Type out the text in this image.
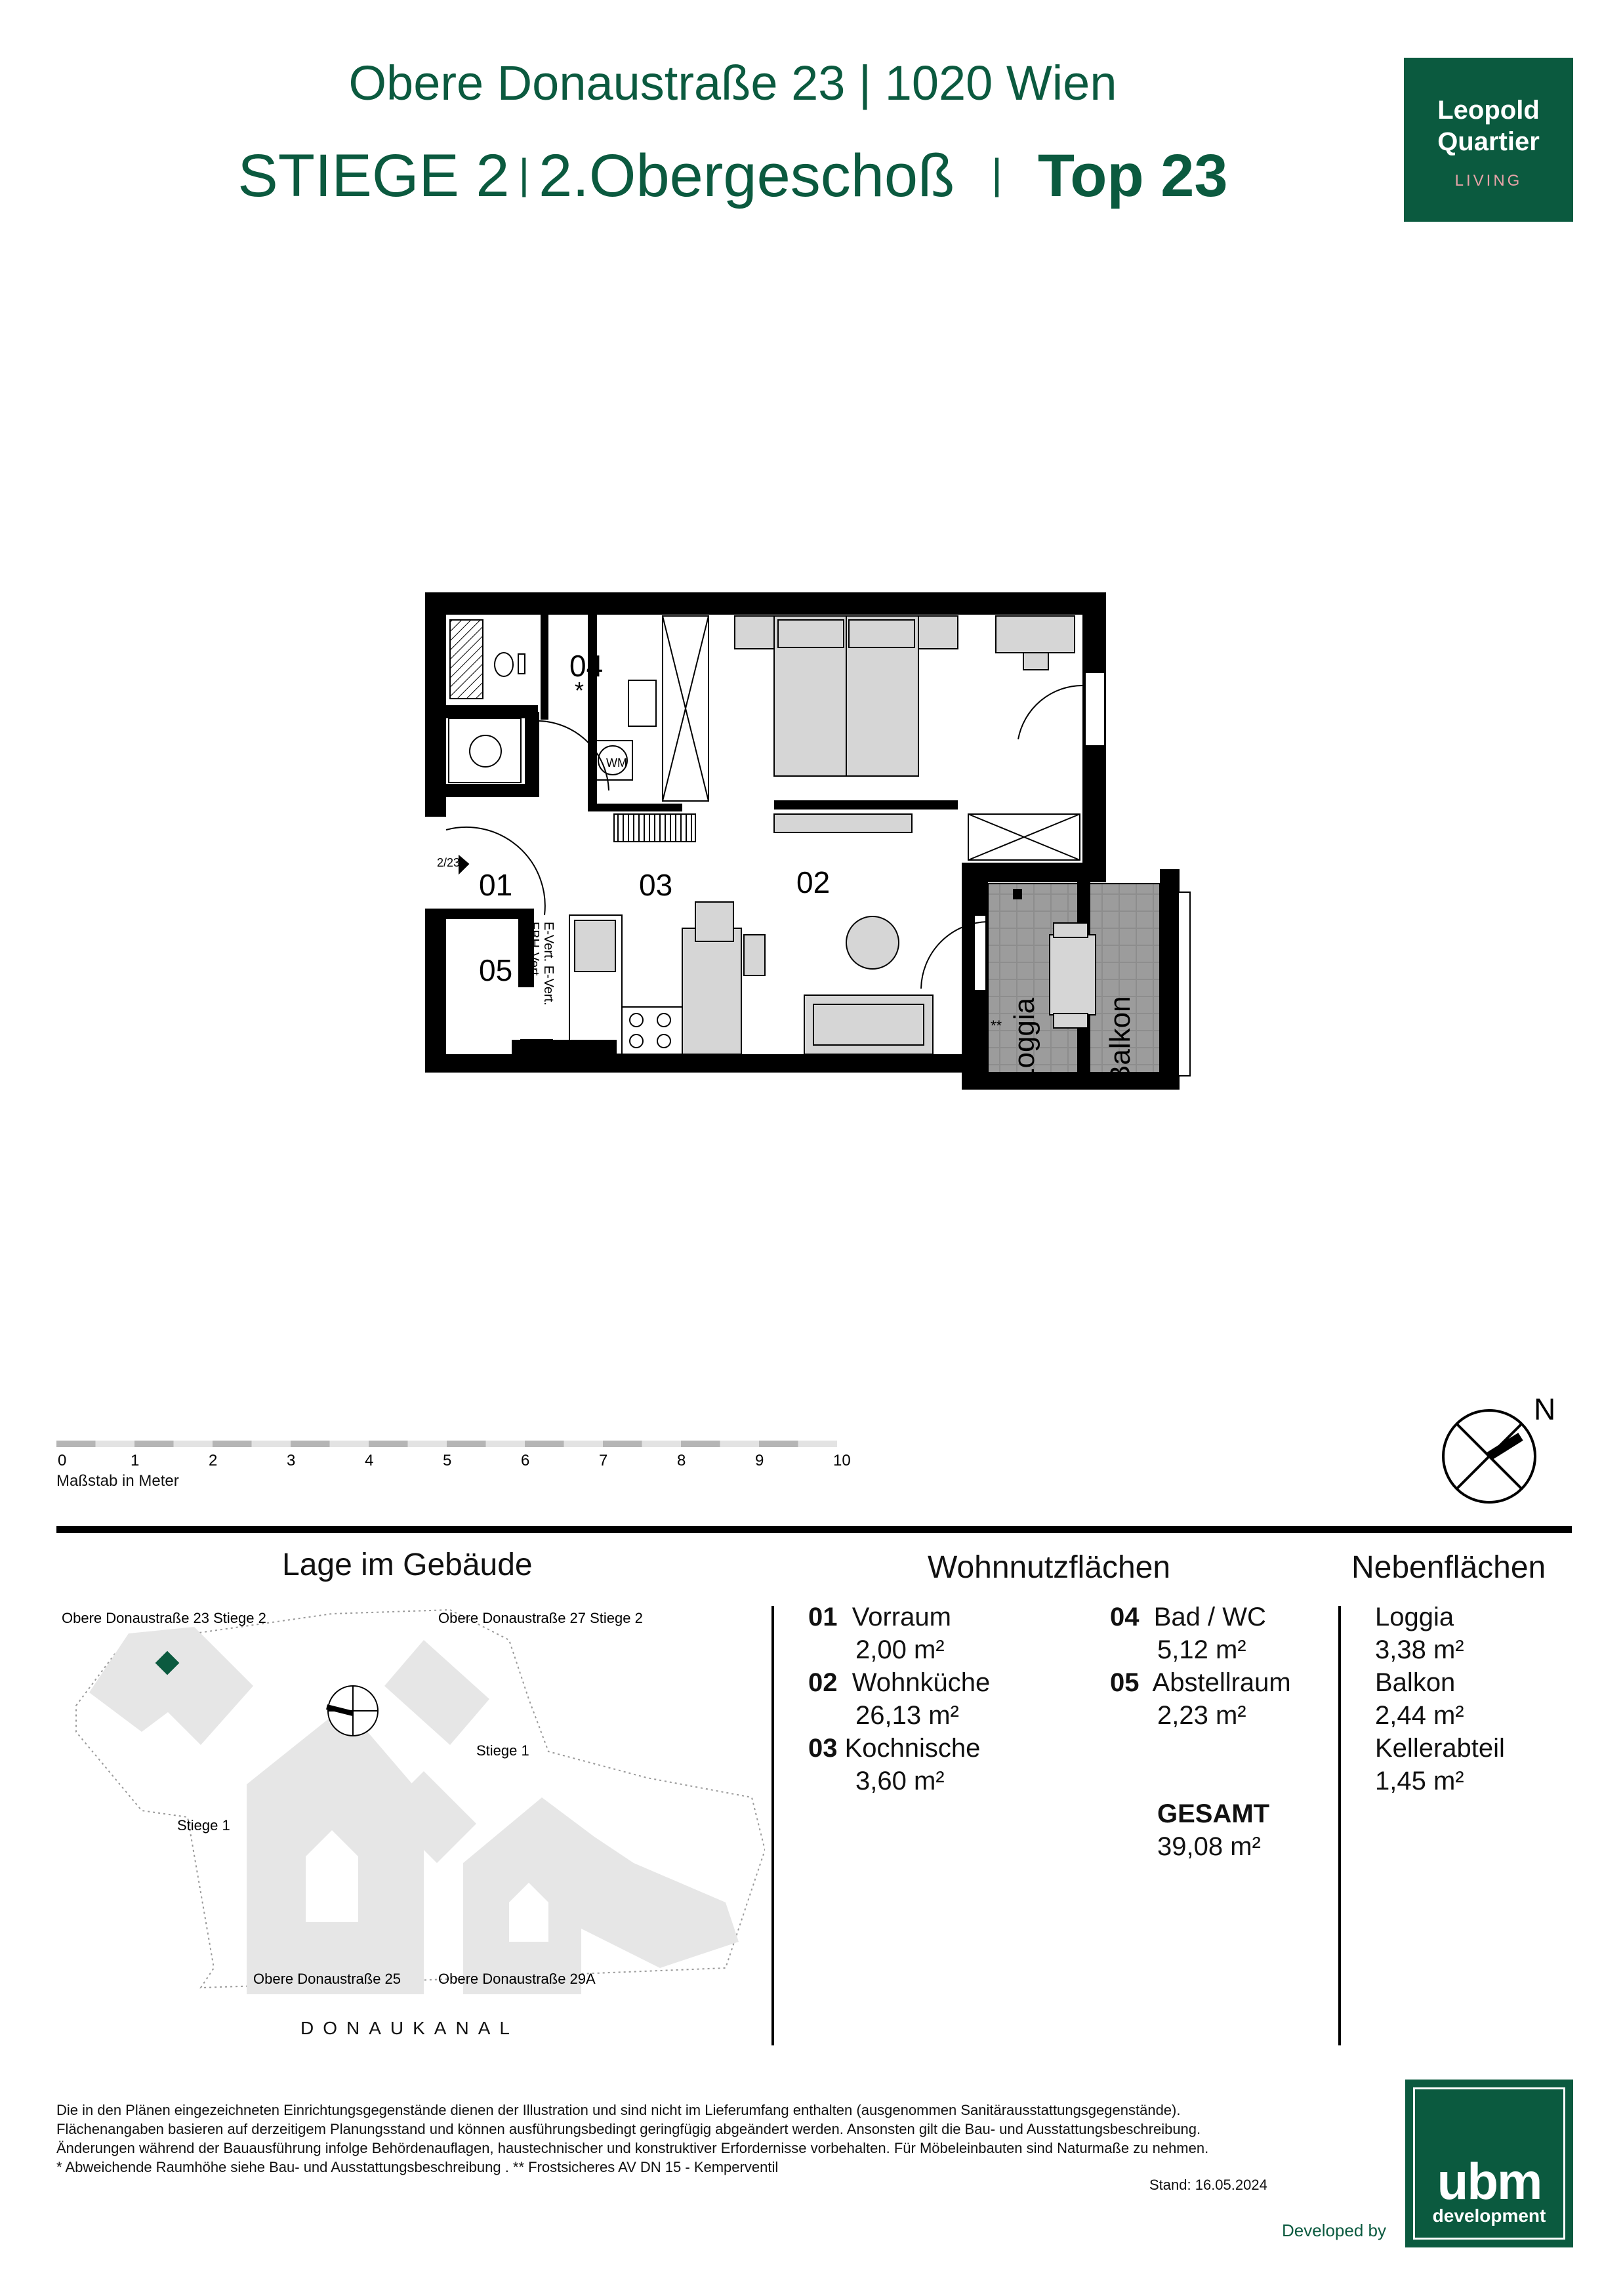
Obere Donaustraße 23 | 1020 Wien
STIEGE 2 | 2.Obergeschoß | Top 23
Leopold
Quartier
LIVING
04
*
01	03	02
05
2/23
WM
E-Vert. E-Vert.
FBH-Vert.
Loggia Balkon
**
0	1	2	3	4	5	6	7	8	9	10
Maßstab in Meter
N
Lage im Gebäude
Obere Donaustraße 23 Stiege 2	Obere Donaustraße 27 Stiege 2
Stiege 1
Stiege 1
Obere Donaustraße 25	Obere Donaustraße 29A
DONAUKANAL
Wohnnutzflächen
01 Vorraum
2,00 m²
02 Wohnküche
26,13 m²
03 Kochnische
3,60 m²
04 Bad / WC
5,12 m²
05 Abstellraum
2,23 m²
GESAMT
39,08 m²
Nebenflächen
Loggia
3,38 m²
Balkon
2,44 m²
Kellerabteil
1,45 m²
Die in den Plänen eingezeichneten Einrichtungsgegenstände dienen der Illustration und sind nicht im Lieferumfang enthalten (ausgenommen Sanitärausstattungsgegenstände).
Flächenangaben basieren auf derzeitigem Planungsstand und können ausführungsbedingt geringfügig abgeändert werden. Ansonsten gilt die Bau- und Ausstattungsbeschreibung.
Änderungen während der Bauausführung infolge Behördenauflagen, haustechnischer und konstruktiver Erfordernisse vorbehalten. Für Möbeleinbauten sind Naturmaße zu nehmen.
* Abweichende Raumhöhe siehe Bau- und Ausstattungsbeschreibung . ** Frostsicheres AV DN 15 - Kemperventil
Stand: 16.05.2024
Developed by
ubm
development
